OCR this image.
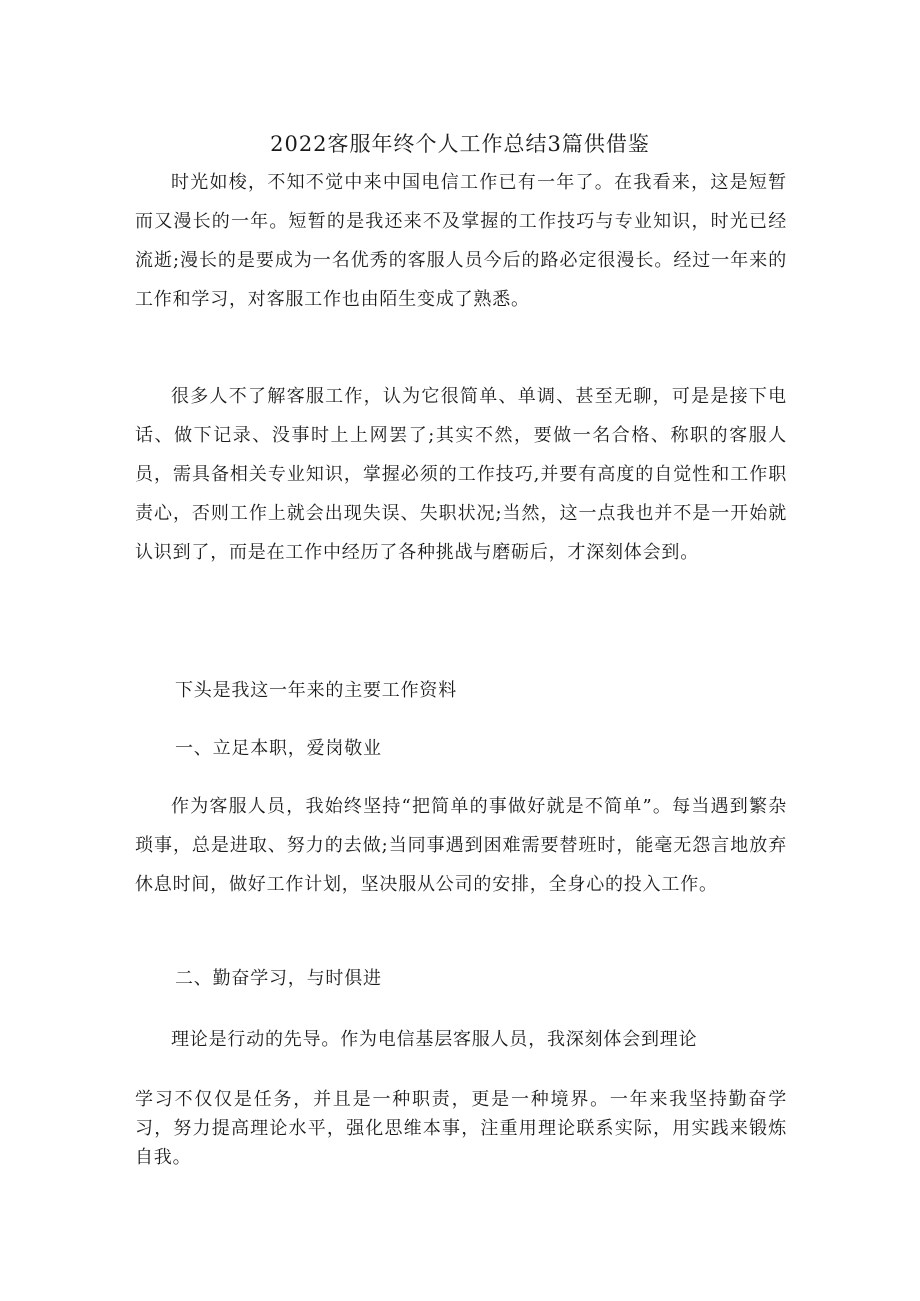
2022客服年终个人工作总结3篇供借鉴

时光如梭，不知不觉中来中国电信工作已有一年了。在我看来，这是短暂而又漫长的一年。短暂的是我还来不及掌握的工作技巧与专业知识，时光已经流逝;漫长的是要成为一名优秀的客服人员今后的路必定很漫长。经过一年来的工作和学习，对客服工作也由陌生变成了熟悉。

很多人不了解客服工作，认为它很简单、单调、甚至无聊，可是是接下电话、做下记录、没事时上上网罢了;其实不然，要做一名合格、称职的客服人员，需具备相关专业知识，掌握必须的工作技巧,并要有高度的自觉性和工作职责心，否则工作上就会出现失误、失职状况;当然，这一点我也并不是一开始就认识到了，而是在工作中经历了各种挑战与磨砺后，才深刻体会到。

下头是我这一年来的主要工作资料
一、立足本职，爱岗敬业

作为客服人员，我始终坚持“把简单的事做好就是不简单”。每当遇到繁杂琐事，总是进取、努力的去做;当同事遇到困难需要替班时，能毫无怨言地放弃休息时间，做好工作计划，坚决服从公司的安排，全身心的投入工作。

二、勤奋学习，与时俱进

理论是行动的先导。作为电信基层客服人员，我深刻体会到理论

学习不仅仅是任务，并且是一种职责，更是一种境界。一年来我坚持勤奋学习，努力提高理论水平，强化思维本事，注重用理论联系实际，用实践来锻炼自我。
